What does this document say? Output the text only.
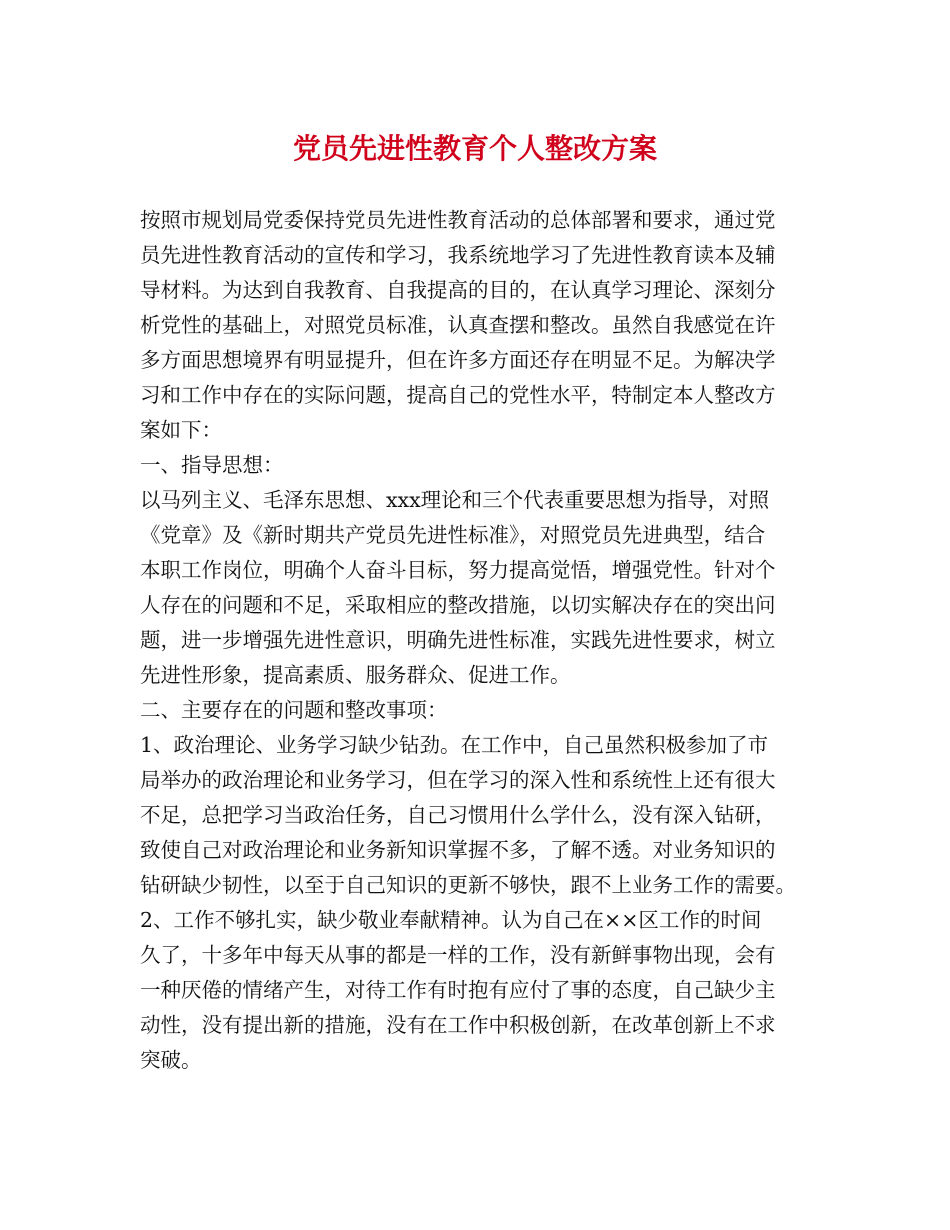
党员先进性教育个人整改方案
按照市规划局党委保持党员先进性教育活动的总体部署和要求，通过党
员先进性教育活动的宣传和学习，我系统地学习了先进性教育读本及辅
导材料。为达到自我教育、自我提高的目的，在认真学习理论、深刻分
析党性的基础上，对照党员标准，认真查摆和整改。虽然自我感觉在许
多方面思想境界有明显提升，但在许多方面还存在明显不足。为解决学
习和工作中存在的实际问题，提高自己的党性水平，特制定本人整改方
案如下：
一、指导思想：
以马列主义、毛泽东思想、xxx理论和三个代表重要思想为指导，对照
《党章》及《新时期共产党员先进性标准》，对照党员先进典型，结合
本职工作岗位，明确个人奋斗目标，努力提高觉悟，增强党性。针对个
人存在的问题和不足，采取相应的整改措施，以切实解决存在的突出问
题，进一步增强先进性意识，明确先进性标准，实践先进性要求，树立
先进性形象，提高素质、服务群众、促进工作。
二、主要存在的问题和整改事项：
1、政治理论、业务学习缺少钻劲。在工作中，自己虽然积极参加了市
局举办的政治理论和业务学习，但在学习的深入性和系统性上还有很大
不足，总把学习当政治任务，自己习惯用什么学什么，没有深入钻研，
致使自己对政治理论和业务新知识掌握不多，了解不透。对业务知识的
钻研缺少韧性，以至于自己知识的更新不够快，跟不上业务工作的需要。
2、工作不够扎实，缺少敬业奉献精神。认为自己在××区工作的时间
久了，十多年中每天从事的都是一样的工作，没有新鲜事物出现，会有
一种厌倦的情绪产生，对待工作有时抱有应付了事的态度，自己缺少主
动性，没有提出新的措施，没有在工作中积极创新，在改革创新上不求
突破。
